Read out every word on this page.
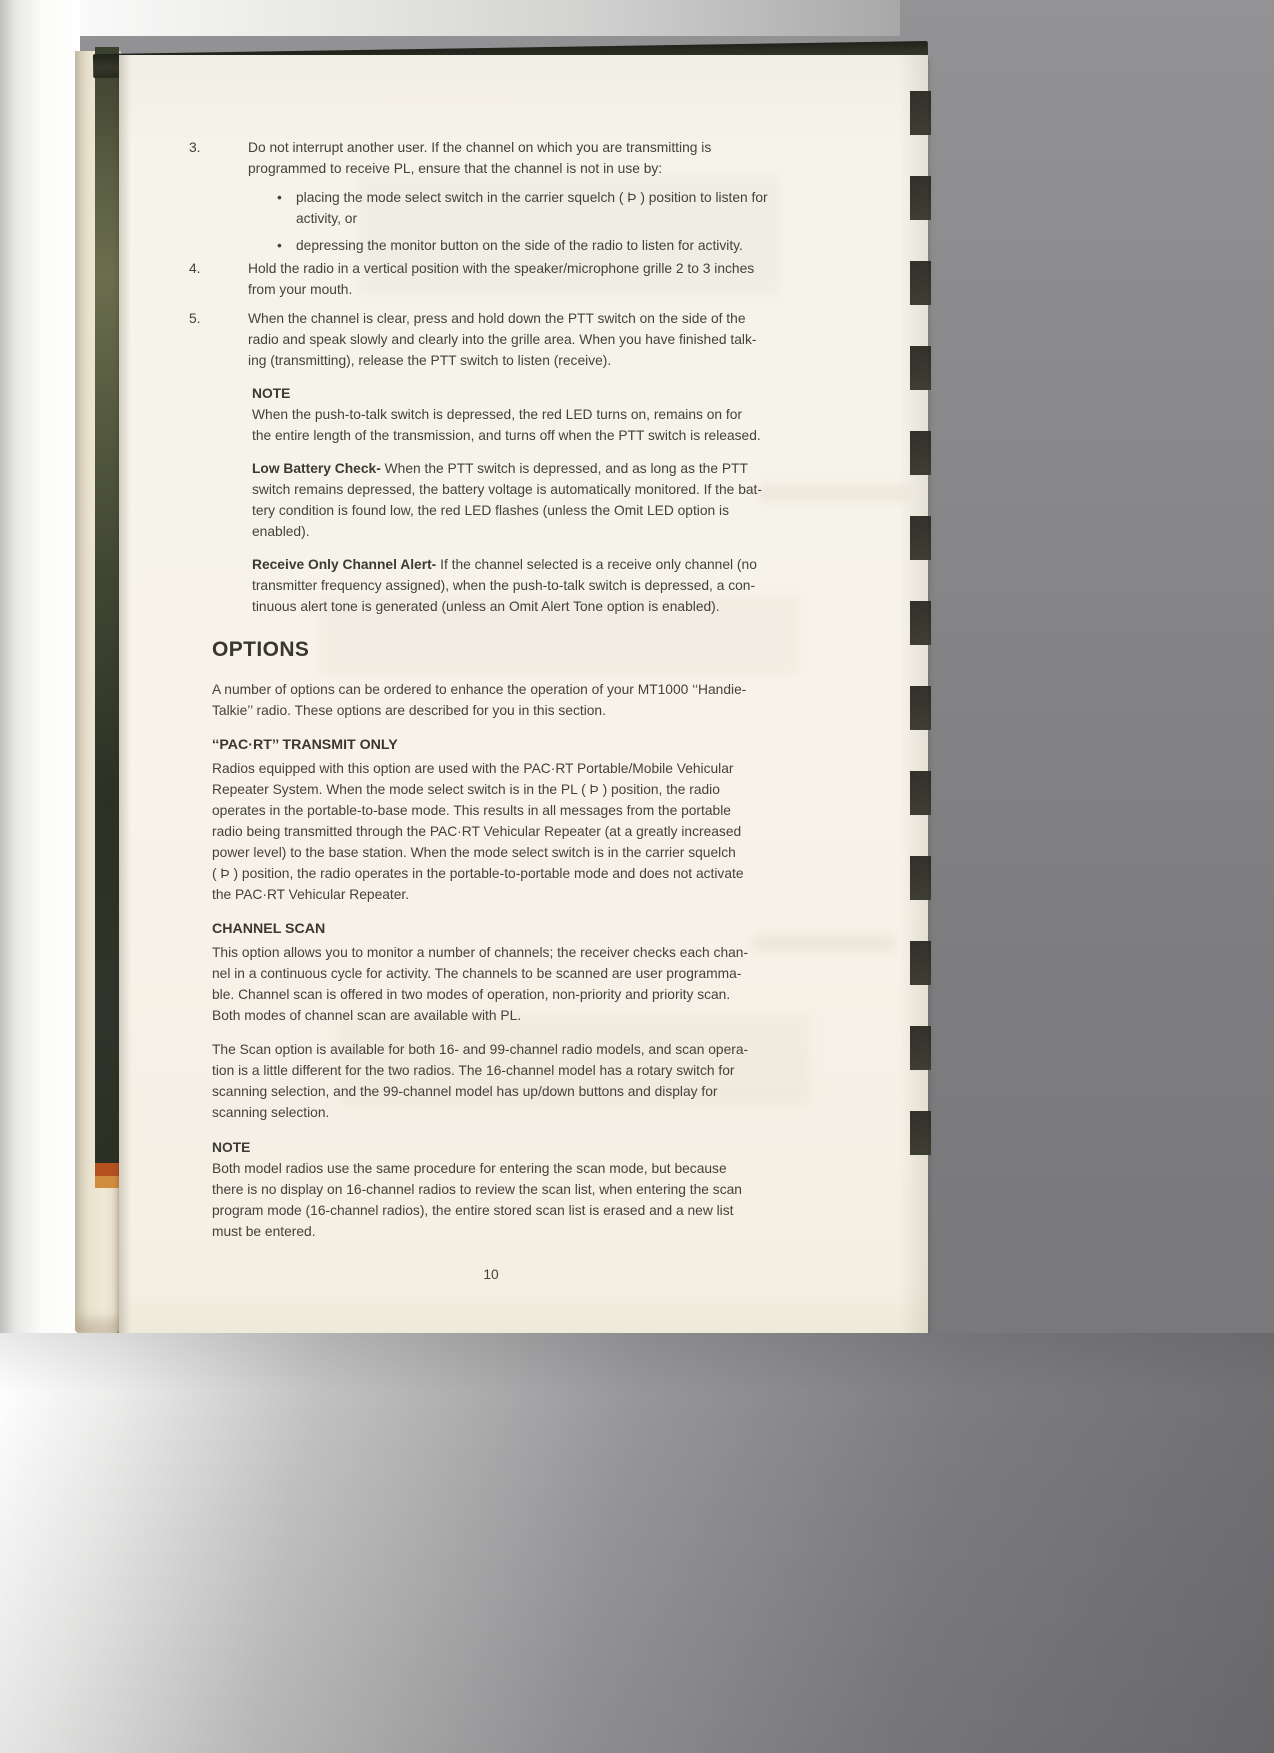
3.	Do not interrupt another user. If the channel on which you are transmitting is
programmed to receive PL, ensure that the channel is not in use by:
•	placing the mode select switch in the carrier squelch ( Þ ) position to listen for
activity, or
•	depressing the monitor button on the side of the radio to listen for activity.
4.	Hold the radio in a vertical position with the speaker/microphone grille 2 to 3 inches
from your mouth.
5.	When the channel is clear, press and hold down the PTT switch on the side of the
radio and speak slowly and clearly into the grille area. When you have finished talk-
ing (transmitting), release the PTT switch to listen (receive).
NOTE
When the push-to-talk switch is depressed, the red LED turns on, remains on for
the entire length of the transmission, and turns off when the PTT switch is released.
Low Battery Check- When the PTT switch is depressed, and as long as the PTT
switch remains depressed, the battery voltage is automatically monitored. If the bat-
tery condition is found low, the red LED flashes (unless the Omit LED option is
enabled).
Receive Only Channel Alert- If the channel selected is a receive only channel (no
transmitter frequency assigned), when the push-to-talk switch is depressed, a con-
tinuous alert tone is generated (unless an Omit Alert Tone option is enabled).
OPTIONS
A number of options can be ordered to enhance the operation of your MT1000 ‘‘Handie-
Talkie’’ radio. These options are described for you in this section.
‘‘PAC·RT’’ TRANSMIT ONLY
Radios equipped with this option are used with the PAC·RT Portable/Mobile Vehicular
Repeater System. When the mode select switch is in the PL ( Þ ) position, the radio
operates in the portable-to-base mode. This results in all messages from the portable
radio being transmitted through the PAC·RT Vehicular Repeater (at a greatly increased
power level) to the base station. When the mode select switch is in the carrier squelch
( Þ ) position, the radio operates in the portable-to-portable mode and does not activate
the PAC·RT Vehicular Repeater.
CHANNEL SCAN
This option allows you to monitor a number of channels; the receiver checks each chan-
nel in a continuous cycle for activity. The channels to be scanned are user programma-
ble. Channel scan is offered in two modes of operation, non-priority and priority scan.
Both modes of channel scan are available with PL.
The Scan option is available for both 16- and 99-channel radio models, and scan opera-
tion is a little different for the two radios. The 16-channel model has a rotary switch for
scanning selection, and the 99-channel model has up/down buttons and display for
scanning selection.
NOTE
Both model radios use the same procedure for entering the scan mode, but because
there is no display on 16-channel radios to review the scan list, when entering the scan
program mode (16-channel radios), the entire stored scan list is erased and a new list
must be entered.
10
